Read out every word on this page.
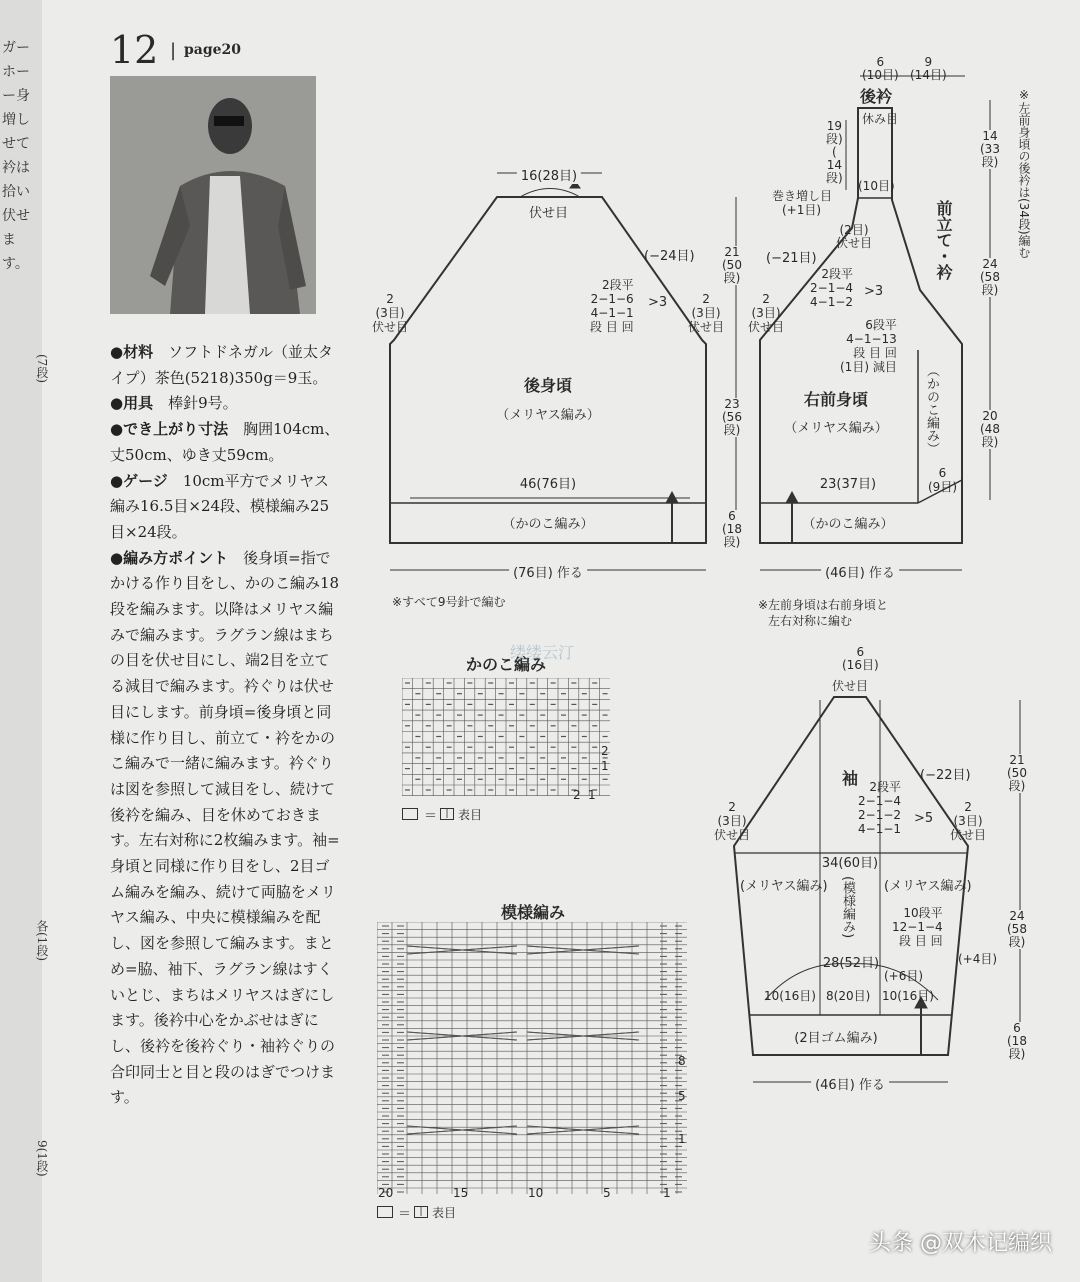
ガー
ホー
ー身
増し
せて
衿は
拾い
伏せ
ます。
(7段)
各(1段)
9(1段)
12 | page20

●材料　 ソフトドネガル（並太タイプ）茶色(5218)350g＝9玉。

●用具　 棒針9号。

●でき上がり寸法　 胸囲104cm、丈50cm、ゆき丈59cm。

●ゲージ　 10cm平方でメリヤス編み16.5目×24段、模様編み25目×24段。

●編み方ポイント　 後身頃=指でかける作り目をし、かのこ編み18段を編みます。以降はメリヤス編みで編みます。ラグラン線はまちの目を伏せ目にし、端2目を立てる減目で編みます。衿ぐりは伏せ目にします。前身頃=後身頃と同様に作り目し、前立て・衿をかのこ編みで一緒に編みます。衿ぐりは図を参照して減目をし、続けて後衿を編み、目を休めておきます。左右対称に2枚編みます。袖=身頃と同様に作り目をし、2目ゴム編みを編み、続けて両脇をメリヤス編み、中央に模様編みを配し、図を参照して編みます。まとめ=脇、袖下、ラグラン線はすくいとじ、まちはメリヤスはぎにします。後衿中心をかぶせはぎにし、後衿を後衿ぐり・袖衿ぐりの合印同士と目と段のはぎでつけます。

16(28目)
伏せ目
(−24目)
2段平
2−1−6
4−1−1
段 目 回
>3
2
(3目)
伏せ目
2
(3目)
伏せ目
後身頃
（メリヤス編み）
46(76目)
（かのこ編み）
(76目) 作る
21
(50
段)
23
(56
段)
6
(18
段)
※すべて9号針で編む
6
(10目)
9
(14目)
後衿
休み目
19
段)
(
14
段)
(10目)
巻き増し目
(+1目)	※左前身頃の後衿は(34段)編む
14
(33
段)
24
(58
段)
20
(48
段)
前立て・衿
（かのこ編み）
(2目)
伏せ目
(−21目)
2段平
2−1−4
4−1−2
>3
6段平
4−1−13
段 目 回
(1目) 減目
2
(3目)
伏せ目
右前身頃
（メリヤス編み）
23(37目)
6
(9目)
（かのこ編み）
(46目) 作る
※左前身頃は右前身頃と
左右対称に編む
6
(16目)
伏せ目
袖	(−22目)
2段平
2−1−4
2−1−2
4−1−1
>5
2
(3目)
伏せ目
2
(3目)
伏せ目
34(60目)
(メリヤス編み)	(メリヤス編み)
(模様編み)	10段平
12−1−4
段 目 回
28(52目)
(+6目)
(+4目)
10(16目) 8(20目) 10(16目)
(2目ゴム編み)
(46目) 作る
21
(50
段)
24
(58
段)
6
(18
段)
かのこ編み
缕缕云汀
2
1
2 1
＝ | 表目
模様編み
8
5
1
20	15	10	5	1
＝ | 表目
头条 @双木记编织
